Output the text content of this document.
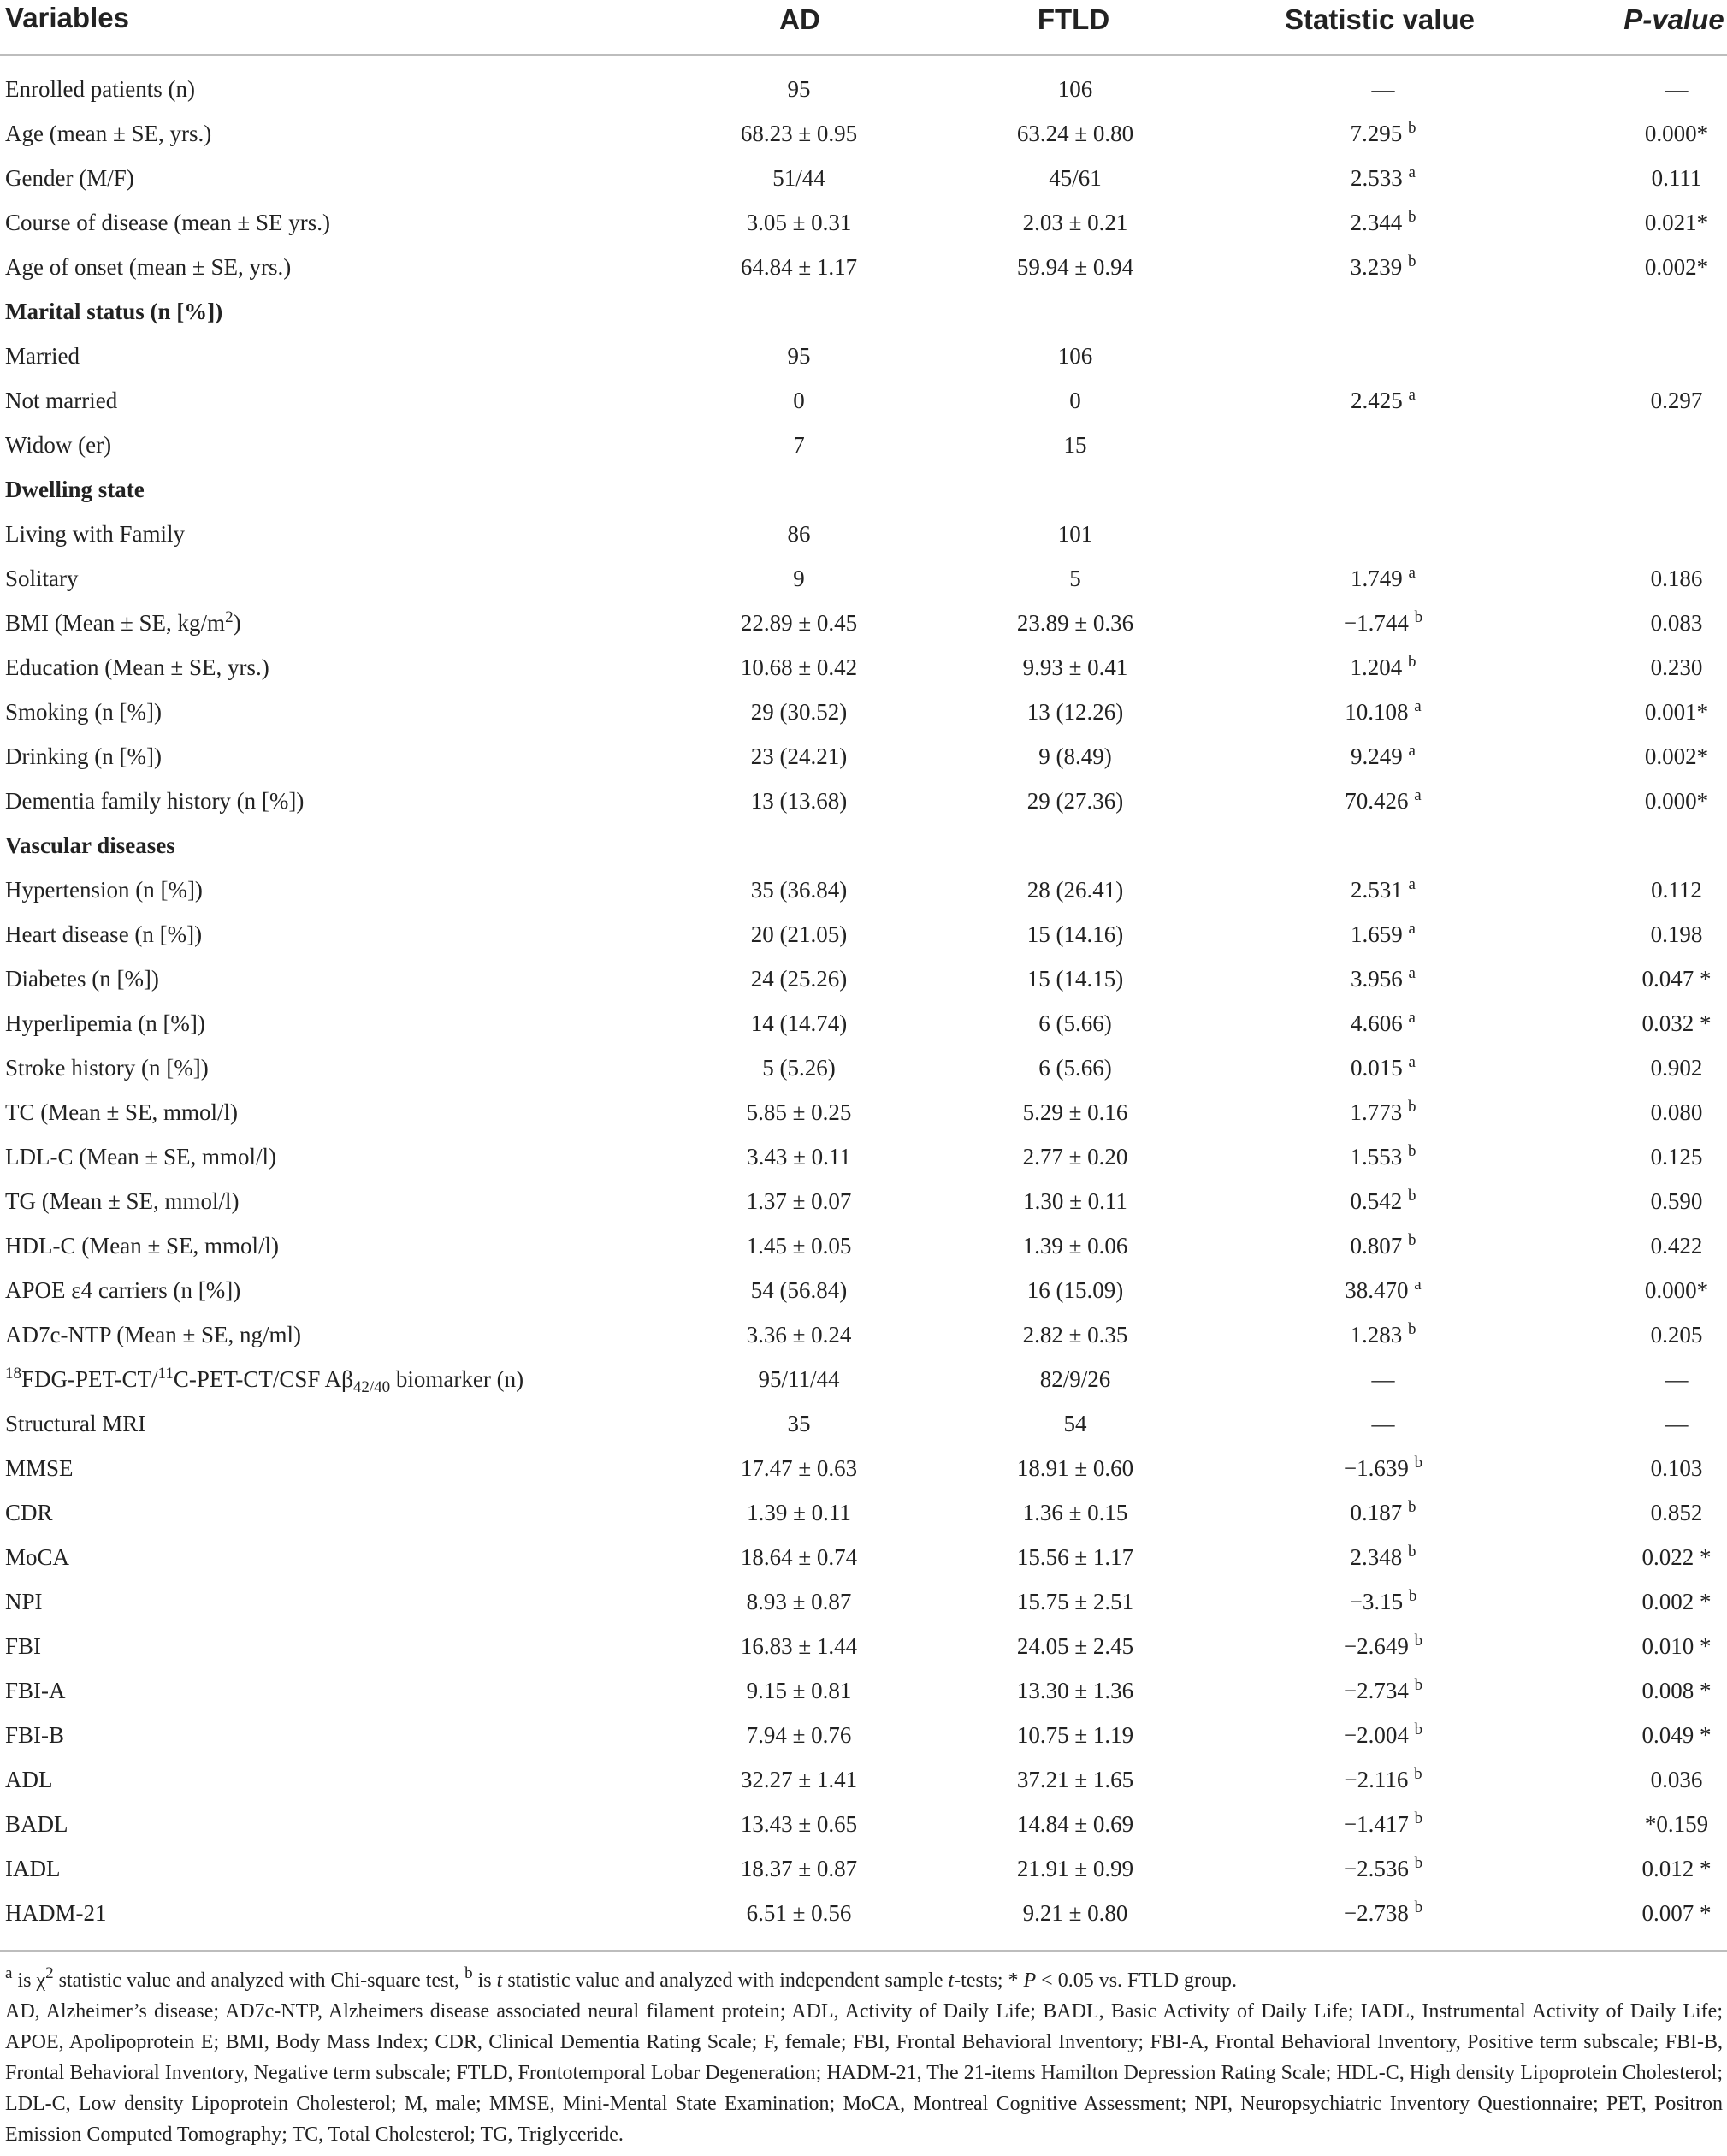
Variables	AD	FTLD	Statistic value	P-value
Enrolled patients (n)	95	106	—	—
Age (mean ± SE, yrs.)	68.23 ± 0.95	63.24 ± 0.80	7.295 $^b$	0.000*
Gender (M/F)	51/44	45/61	2.533 $^a$	0.111
Course of disease (mean ± SE yrs.)	3.05 ± 0.31	2.03 ± 0.21	2.344 $^b$	0.021*
Age of onset (mean ± SE, yrs.)	64.84 ± 1.17	59.94 ± 0.94	3.239 $^b$	0.002*
Marital status (n [%])
Married	95	106
Not married	0	0	2.425 $^a$	0.297
Widow (er)	7	15
Dwelling state
Living with Family	86	101
Solitary	9	5	1.749 $^a$	0.186
BMI (Mean ± SE, $kg/m^2$)	22.89 ± 0.45	23.89 ± 0.36	−1.744 $^b$	0.083
Education (Mean ± SE, yrs.)	10.68 ± 0.42	9.93 ± 0.41	1.204 $^b$	0.230
Smoking (n [%])	29 (30.52)	13 (12.26)	10.108 $^a$	0.001*
Drinking (n [%])	23 (24.21)	9 (8.49)	9.249 $^a$	0.002*
Dementia family history (n [%])	13 (13.68)	29 (27.36)	70.426 $^a$	0.000*
Vascular diseases
Hypertension (n [%])	35 (36.84)	28 (26.41)	2.531 $^a$	0.112
Heart disease (n [%])	20 (21.05)	15 (14.16)	1.659 $^a$	0.198
Diabetes (n [%])	24 (25.26)	15 (14.15)	3.956 $^a$	0.047 *
Hyperlipemia (n [%])	14 (14.74)	6 (5.66)	4.606 $^a$	0.032 *
Stroke history (n [%])	5 (5.26)	6 (5.66)	0.015 $^a$	0.902
TC (Mean ± SE, mmol/l)	5.85 ± 0.25	5.29 ± 0.16	1.773 $^b$	0.080
LDL-C (Mean ± SE, mmol/l)	3.43 ± 0.11	2.77 ± 0.20	1.553 $^b$	0.125
TG (Mean ± SE, mmol/l)	1.37 ± 0.07	1.30 ± 0.11	0.542 $^b$	0.590
HDL-C (Mean ± SE, mmol/l)	1.45 ± 0.05	1.39 ± 0.06	0.807 $^b$	0.422
APOE ε4 carriers (n [%])	54 (56.84)	16 (15.09)	38.470 $^a$	0.000*
AD7c-NTP (Mean ± SE, ng/ml)	3.36 ± 0.24	2.82 ± 0.35	1.283 $^b$	0.205
$^{18}$FDG-PET-CT/$^{11}$C-PET-CT/CSF $A\beta_{42/40}$ biomarker (n)	95/11/44	82/9/26	—	—
Structural MRI	35	54	—	—
MMSE	17.47 ± 0.63	18.91 ± 0.60	−1.639 $^b$	0.103
CDR	1.39 ± 0.11	1.36 ± 0.15	0.187 $^b$	0.852
MoCA	18.64 ± 0.74	15.56 ± 1.17	2.348 $^b$	0.022 *
NPI	8.93 ± 0.87	15.75 ± 2.51	−3.15 $^b$	0.002 *
FBI	16.83 ± 1.44	24.05 ± 2.45	−2.649 $^b$	0.010 *
FBI-A	9.15 ± 0.81	13.30 ± 1.36	−2.734 $^b$	0.008 *
FBI-B	7.94 ± 0.76	10.75 ± 1.19	−2.004 $^b$	0.049 *
ADL	32.27 ± 1.41	37.21 ± 1.65	−2.116 $^b$	0.036
BADL	13.43 ± 0.65	14.84 ± 0.69	−1.417 $^b$	*0.159
IADL	18.37 ± 0.87	21.91 ± 0.99	−2.536 $^b$	0.012 *
HADM-21	6.51 ± 0.56	9.21 ± 0.80	−2.738 $^b$	0.007 *

$^a$ is $\chi^2$ statistic value and analyzed with Chi-square test, $^b$ is t statistic value and analyzed with independent sample t-tests; * P < 0.05 vs. FTLD group.

AD, Alzheimer’s disease; AD7c-NTP, Alzheimers disease associated neural filament protein; ADL, Activity of Daily Life; BADL, Basic Activity of Daily Life; IADL, Instrumental Activity of Daily Life; APOE, Apolipoprotein E; BMI, Body Mass Index; CDR, Clinical Dementia Rating Scale; F, female; FBI, Frontal Behavioral Inventory; FBI-A, Frontal Behavioral Inventory, Positive term subscale; FBI-B, Frontal Behavioral Inventory, Negative term subscale; FTLD, Frontotemporal Lobar Degeneration; HADM-21, The 21-items Hamilton Depression Rating Scale; HDL-C, High density Lipoprotein Cholesterol; LDL-C, Low density Lipoprotein Cholesterol; M, male; MMSE, Mini-Mental State Examination; MoCA, Montreal Cognitive Assessment; NPI, Neuropsychiatric Inventory Questionnaire; PET, Positron Emission Computed Tomography; TC, Total Cholesterol; TG, Triglyceride.
